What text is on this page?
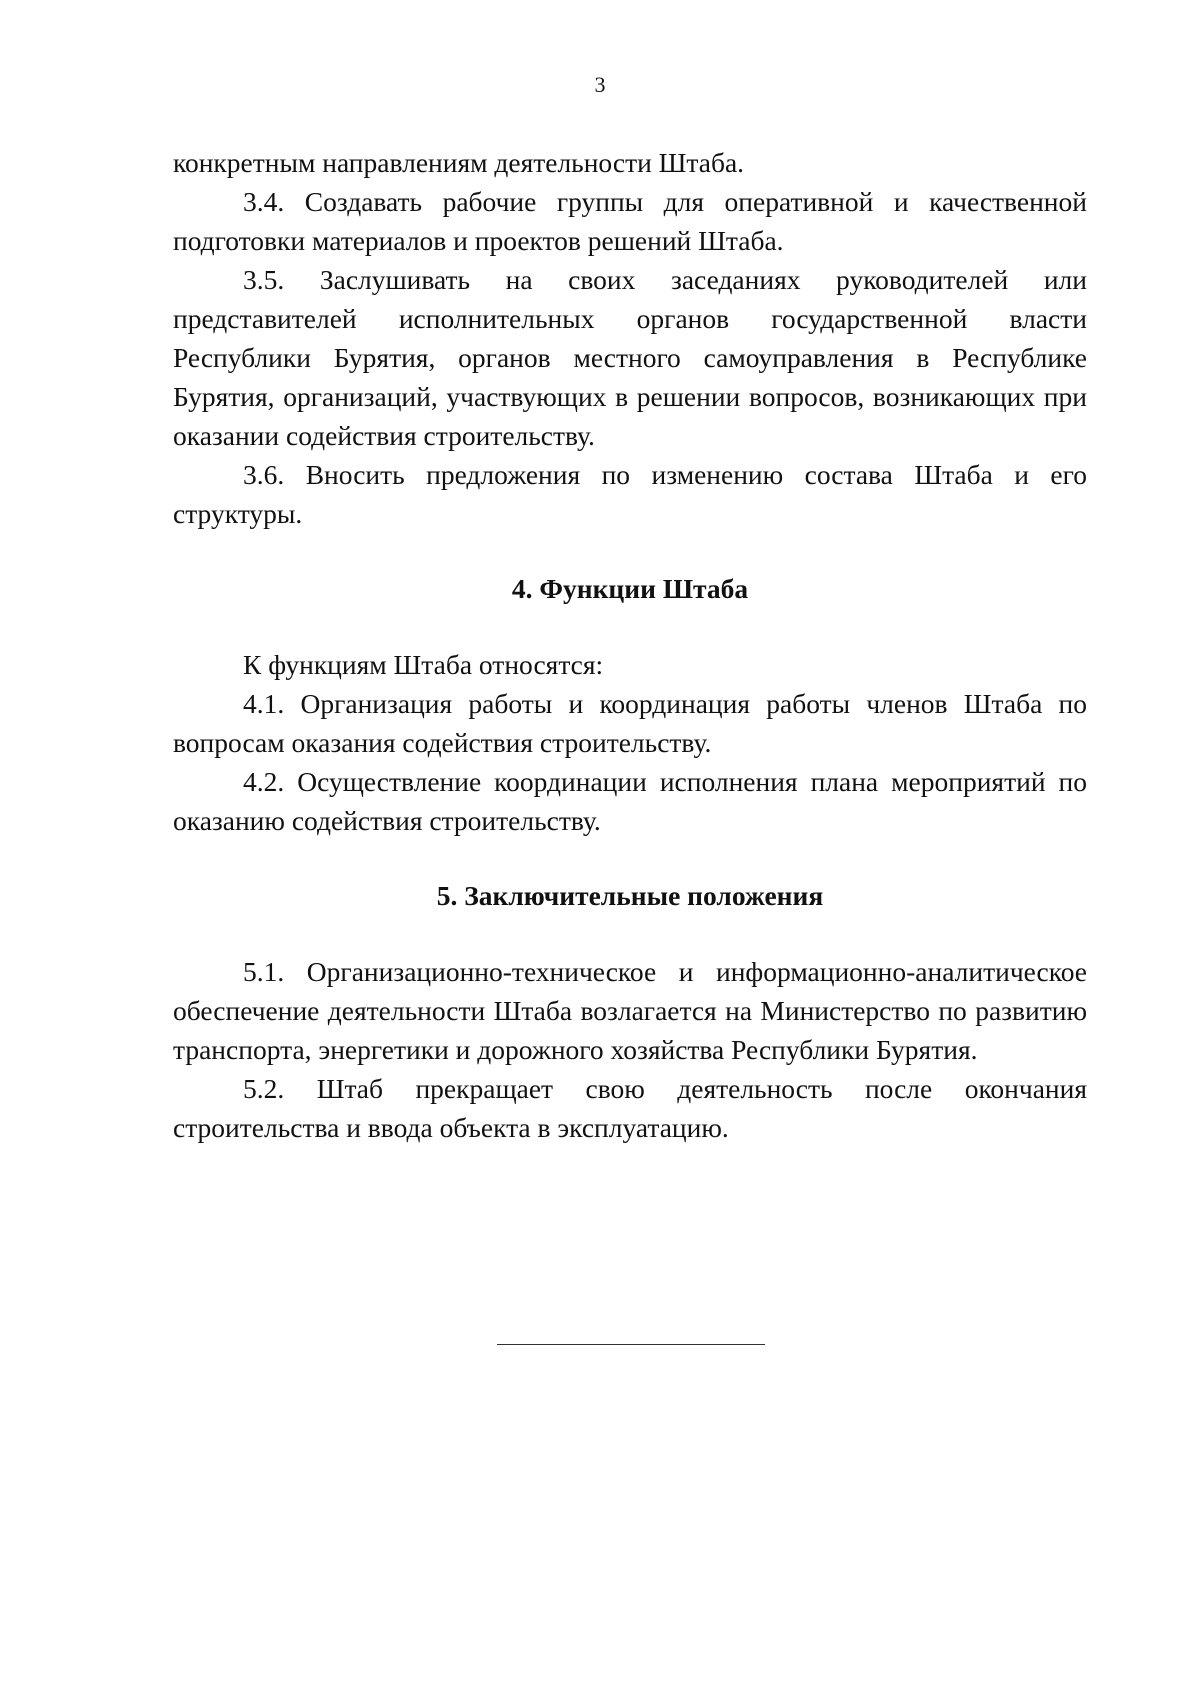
3

конкретным направлениям деятельности Штаба.

3.4. Создавать рабочие группы для оперативной и качественной подготовки материалов и проектов решений Штаба.

3.5. Заслушивать на своих заседаниях руководителей или представителей исполнительных органов государственной власти Республики Бурятия, органов местного самоуправления в Республике Бурятия, организаций, участвующих в решении вопросов, возникающих при оказании содействия строительству.

3.6. Вносить предложения по изменению состава Штаба и его структуры.

4. Функции Штаба

К функциям Штаба относятся:

4.1. Организация работы и координация работы членов Штаба по вопросам оказания содействия строительству.

4.2. Осуществление координации исполнения плана мероприятий по оказанию содействия строительству.

5. Заключительные положения

5.1. Организационно-техническое и информационно-аналитическое обеспечение деятельности Штаба возлагается на Министерство по развитию транспорта, энергетики и дорожного хозяйства Республики Бурятия.

5.2. Штаб прекращает свою деятельность после окончания строительства и ввода объекта в эксплуатацию.
